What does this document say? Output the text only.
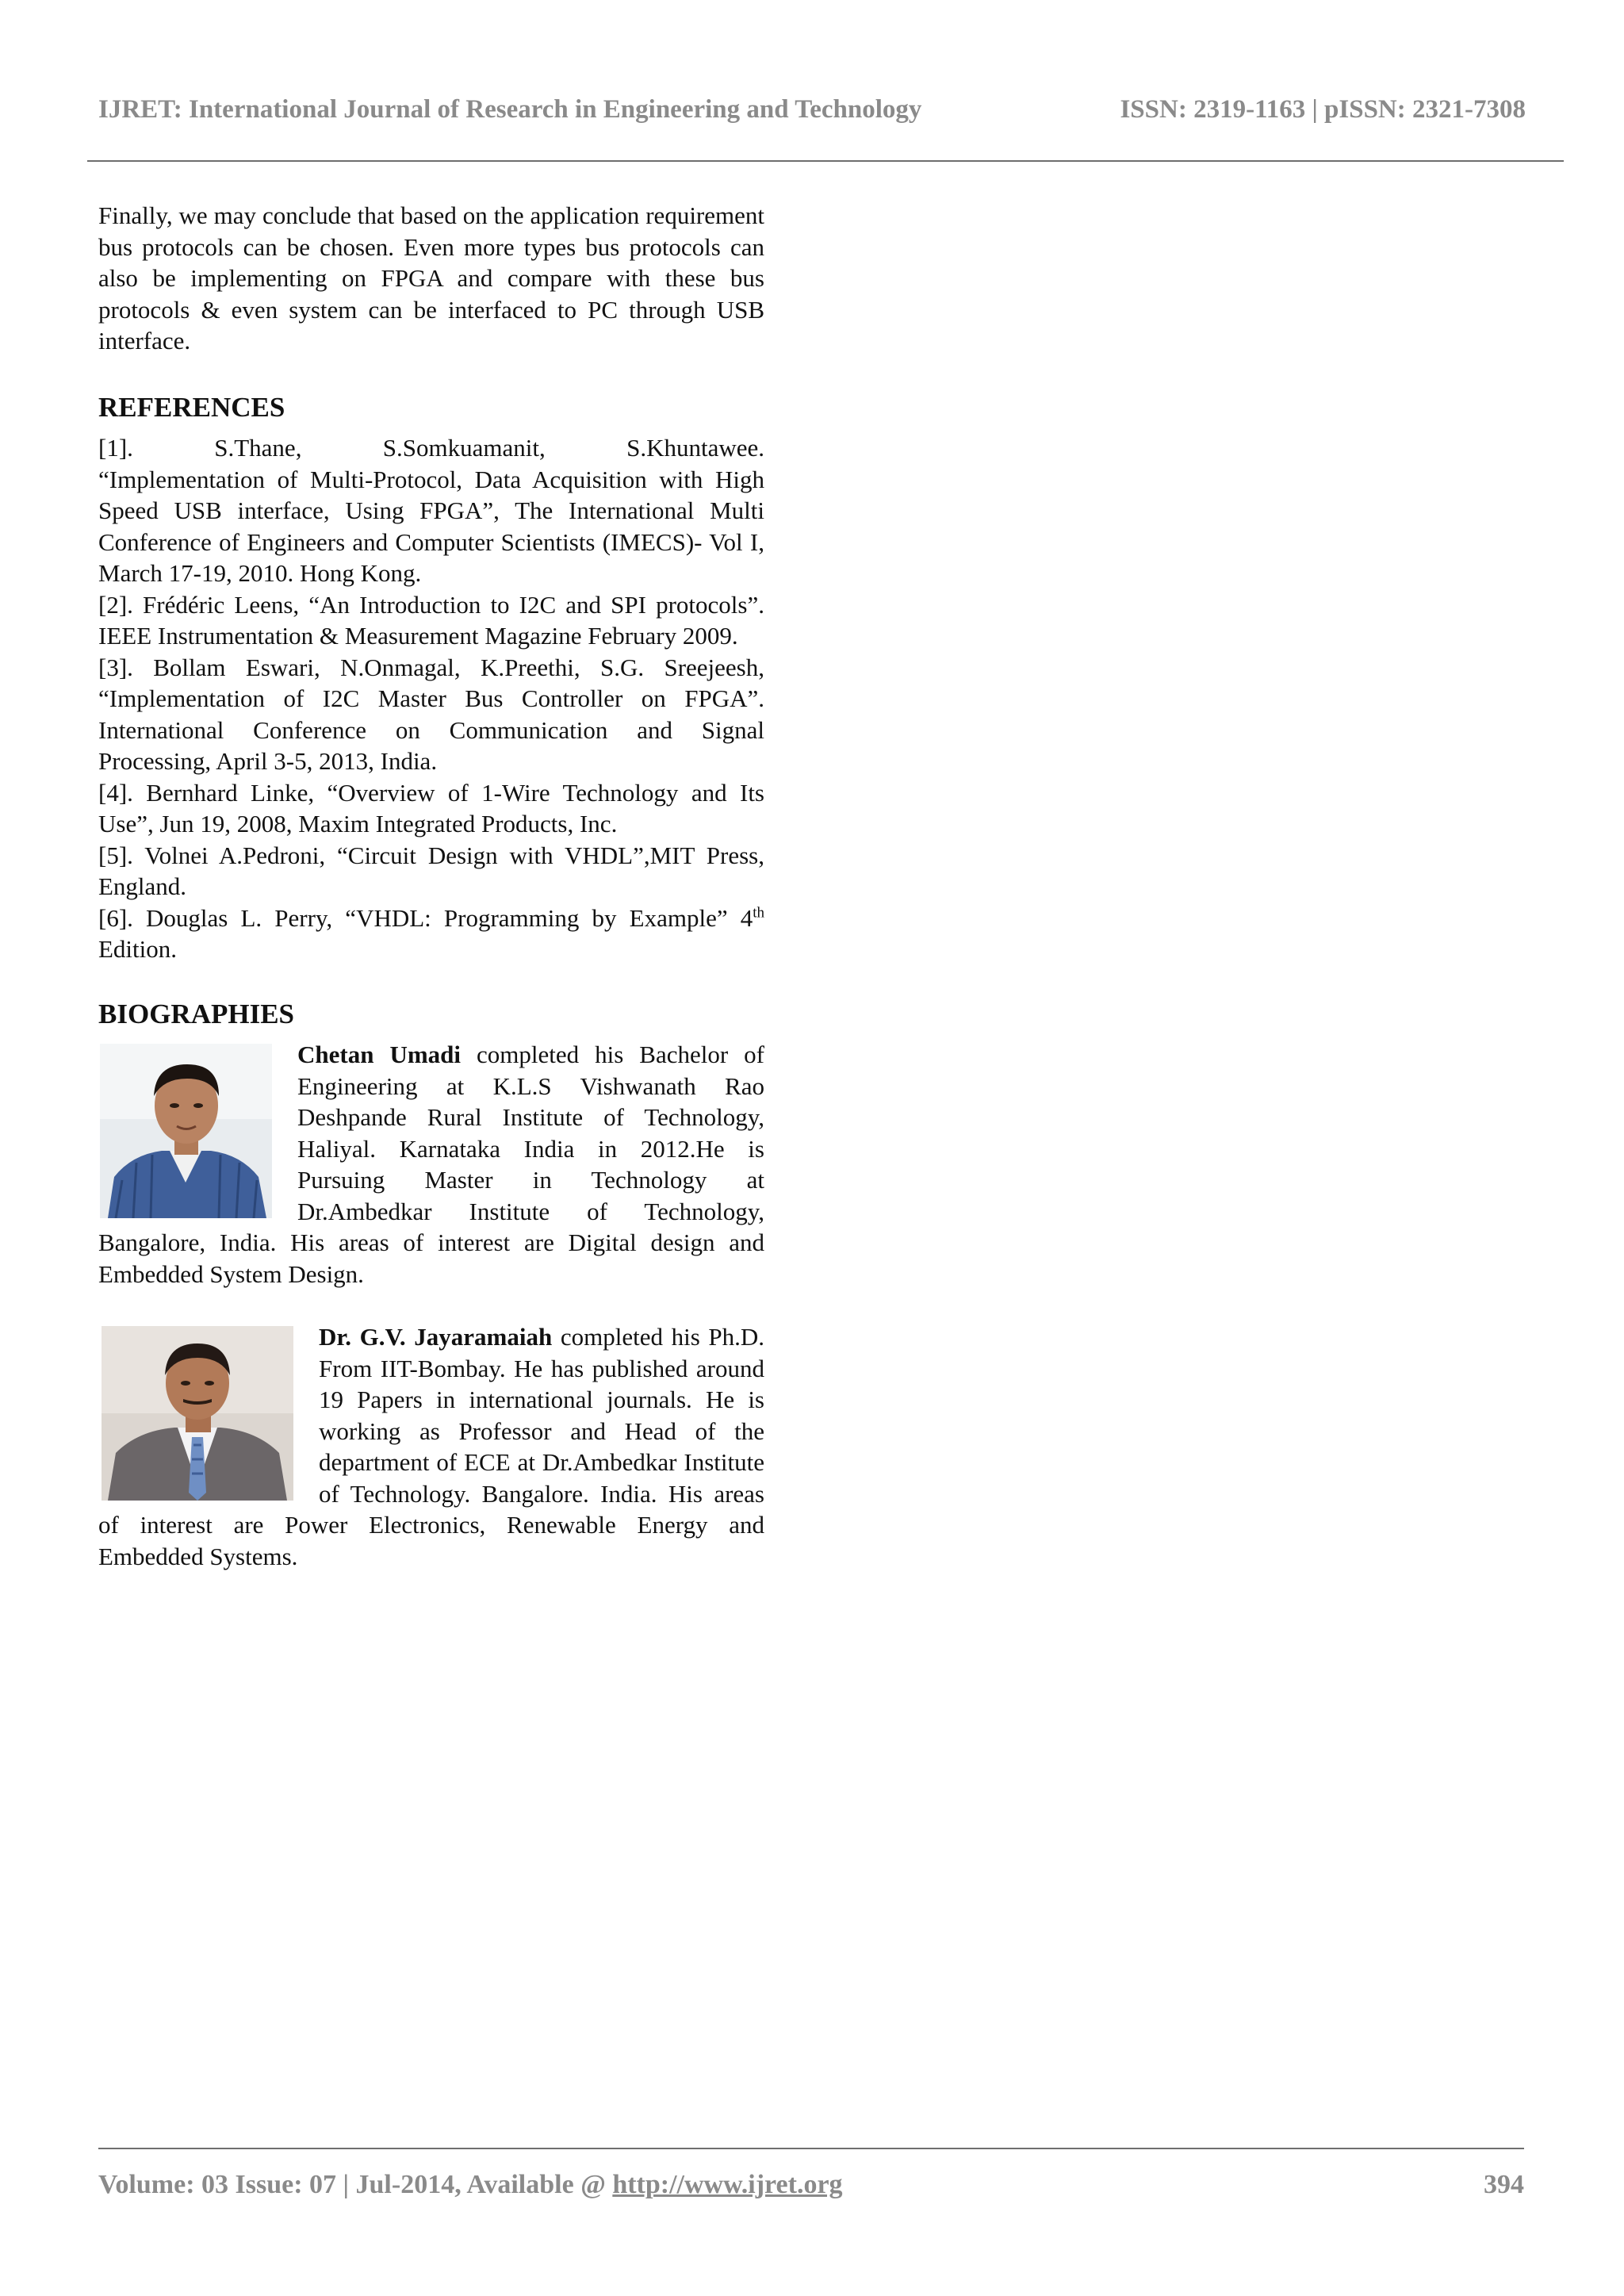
IJRET: International Journal of Research in Engineering and Technology	ISSN: 2319-1163 | pISSN: 2321-7308

Finally, we may conclude that based on the application requirement bus protocols can be chosen. Even more types bus protocols can also be implementing on FPGA and compare with these bus protocols & even system can be interfaced to PC through USB interface.

REFERENCES

[1]. S.Thane, S.Somkuamanit, S.Khuntawee.

“Implementation of Multi-Protocol, Data Acquisition with High Speed USB interface, Using FPGA”, The International Multi Conference of Engineers and Computer Scientists (IMECS)- Vol I, March 17-19, 2010. Hong Kong.

[2]. Frédéric Leens, “An Introduction to I2C and SPI protocols”. IEEE Instrumentation & Measurement Magazine February 2009.

[3]. Bollam Eswari, N.Onmagal, K.Preethi, S.G. Sreejeesh, “Implementation of I2C Master Bus Controller on FPGA”. International Conference on Communication and Signal Processing, April 3-5, 2013, India.

[4]. Bernhard Linke, “Overview of 1-Wire Technology and Its Use”, Jun 19, 2008, Maxim Integrated Products, Inc.

[5]. Volnei A.Pedroni, “Circuit Design with VHDL”,MIT Press, England.

[6]. Douglas L. Perry, “VHDL: Programming by Example” 4th Edition.

BIOGRAPHIES
Chetan Umadi completed his Bachelor of Engineering at K.L.S Vishwanath Rao Deshpande Rural Institute of Technology, Haliyal. Karnataka India in 2012.He is Pursuing Master in Technology at Dr.Ambedkar Institute of Technology, Bangalore, India. His areas of interest are Digital design and Embedded System Design.
Dr. G.V. Jayaramaiah completed his Ph.D. From IIT-Bombay. He has published around 19 Papers in international journals. He is working as Professor and Head of the department of ECE at Dr.Ambedkar Institute of Technology. Bangalore. India. His areas of interest are Power Electronics, Renewable Energy and Embedded Systems.
Volume: 03 Issue: 07 | Jul-2014, Available @ http://www.ijret.org	394
